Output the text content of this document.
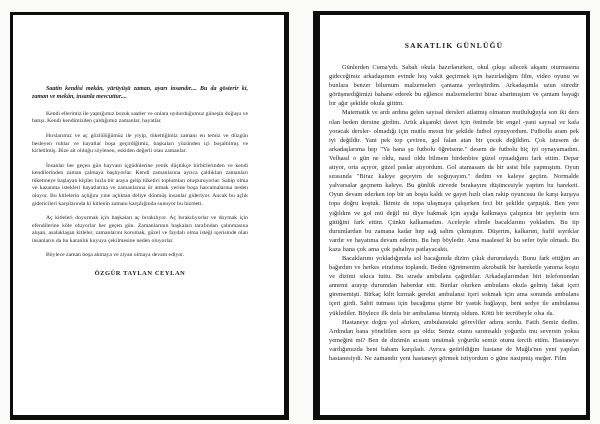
Saatin kendisi mekân, yürüyüşü zaman, ayarı insandır.... Bu da gösterir ki, zaman ve mekân, insanla mevcuttur....

Kendi ellerimiz ile yaptığımız bozuk saatler ve onlara uydurduğumuz güneşin doğuşu ve batışı. Kendi kendimizden çaldığımız zamanlar, hayatlar.

Hırslarımız ve aç gözlülüğümüz ile yiyip, tükettiğimiz zamanı en temiz ve düzgün besleyen ruhlar ve hayatlar boşa geçirdiğimiz, başkaları yüzünden içi boşaltılmış ve kirletilmiş. Bize ait olduğu söylenen, eskiden değerli olan zamanlar.

İnsanlar her geçen gün hayvani içgüdülerine yenik düştükçe birbirlerinden ve kendi kendilerinden zaman çalmaya başlıyorlar. Kendi zamanlarına ayrıca çaldıkları zamanları tüketmeye başlayan kişiler hızla bir araya gelip tüketici toplumları oluşturuyorlar. Sahip olma ve kazanma istekleri hayatlarına ve zamanlarına ür atmak yerine boşa harcamalarına neden oluyor. Bu kitlelerin açlığını yine açlıktan deliye dönmüş insanlar gideriyor. Ancak bu açlık gidericileri karşılarında ki kitlenin zamanı karşılığında sunuyor bu hizmeti.

Aç kitleleri doyurmak için başkaları aç bırakılıyor. Aç bırakılıyorlar ve doymak için efendilerine köle oluyorlar her geçen gün. Zamanlarının başkaları tarafından çalınmasına alışan, asalaklaşan kitleler, zamanlarını korumak, güzel ve faydalı olma isteği içerisinde olan insanların da bu karanlık kuyuya çekilmesine neden oluyorlar.

Böylece zaman boşa akmaya ve ziyan olmaya devam ediyor.

ÖZGÜR TAYLAN CEYLAN
SAKATLIK GÜNLÜĞÜ

Günlerden Cuma'ydı. Sabah okula hazırlanırken, okul çıkışı ailecek akşam oturmasına gideceğimiz arkadaşımın evinde hoş vakit geçirmek için hazırladığım film, video oyunu ve bunlara benzer bilumum malzemeleri çantama yerleştirdim. Arkadaşımla uzun süredir görüşmediğimizi bahane ederek bu eğlence malzemelerini biraz abartmıştım ve çantam bayağı bir ağır şekilde okula gittim.

Matematik ve ardı ardına gelen sayısal dersleri atlatmış olmanın mutluluğuyla son iki ders olan beden dersine girdim. Artık akşamki davet için önümde bir engel -yani sayısal ve kafa yoracak dersler- olmadığı için mutlu mesut bir şekilde futbol oynuyordum. Futbolla aram pek iyi değildir. Yani pek top çeviren, gol falan atan bir çocuk değildim. Çok istesem de arkadaşlarıma hep "Ya bana şu futbolu öğretsene." desem de futbolu hiç iyi oynayamadım. Velhasıl o gün ne oldu, nasıl oldu bilmem birdenbire güzel oynadığımı fark ettim. Depar atıyor, orta açıyor, güzel paslar atıyordum. Gol atamasam da bir asist bile yapmıştım. Oyun sırasında "Biraz kaleye geçeyim de soğuyayım." dedim ve kaleye geçtim. Normalde yalvarsalar geçmem kaleye. Bu günlük zirvede bırakayım düşüncesiyle yaptım bu hareketi. Oyun devam ederken top bir an boşta kaldı ve gayet hızlı olan rakip oyuncusu ile karşı karşıya topa doğru koştuk. İkimiz de topa ulaşmaya çalışırken feci bir şekilde çarpıştık. Ben yere yığıldım ve gol mü değil mi diye bakmak için ayağa kalkmaya çalışınca bir şeylerin ters gittiğini fark ettim. Çünkü kalkamadım. Aceleyle elimle bacaklarımı yokladım. Bu tip durumlardan bu zamana kadar hep sağ salim çıkmıştım. Düşerim, kalkarım, hafif sıyrıklar vardır ve hayatıma devam ederim. Bu hep böyledir. Ama maalesef ki bu sefer öyle olmadı. Bu kaza bana çok ama çok pahalıya patlayacaktı.

Bacaklarımı yokladığımda sol bacağımda dizim çıkık durumdaydı. Bunu fark ettiğim an bağırdım ve herkes etrafıma toplandı. Beden öğretmenim akrobatik bir hareketle yanıma koştu ve dizimi sıkıca tuttu. Bu sırada ambulans çağırdılar. Arkadaşlarımdan biri telefonundan annemi arayıp durumdan haberdar etti. Bunlar olurken ambulans okula gelmiş fakat içeri girememişti. Birkaç kilit kırmak gerekti ambulansı içeri sokmak için ama sonunda ambulans içeri girdi. Sabit tutması için bacağıma şişme bir yastık bağlayıp, beni sedye ile ambulansa yüklediler. Böylece ilk defa bir ambulansa binmiş oldum. Kötü bir tecrübeyle olsa da.

Hastaneye doğru yol alırken, ambulanstaki görevliler adımı sordu. Fatih Semiz dedim. Ardından bana yöneltilen soru şu oldu: Semiz otunu sarımsaklı yoğurtlu mu seversin yoksa yemeğini mi? Ben de dizimin acısını unutmak yoğurtlu semiz otunu tercih ettim. Hastaneye vardığımızda beni babam karşıladı. Ayrıca getirildiğim hastane de Muğla'nın yeni yapılan hastanesiydi. Ne zamandır yeni hastaneyi görmek istiyordum o güne nasipmiş meğer. Film
